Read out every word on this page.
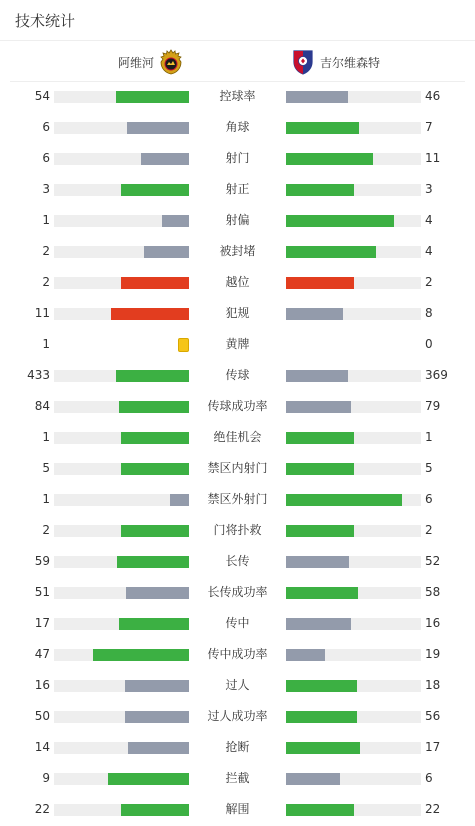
技术统计
阿维河	吉尔维森特
54	控球率	46
6	角球	7
6	射门	11
3	射正	3
1	射偏	4
2	被封堵	4
2	越位	2
11	犯规	8
1	黄牌	0
433	传球	369
84	传球成功率	79
1	绝佳机会	1
5	禁区内射门	5
1	禁区外射门	6
2	门将扑救	2
59	长传	52
51	长传成功率	58
17	传中	16
47	传中成功率	19
16	过人	18
50	过人成功率	56
14	抢断	17
9	拦截	6
22	解围	22
